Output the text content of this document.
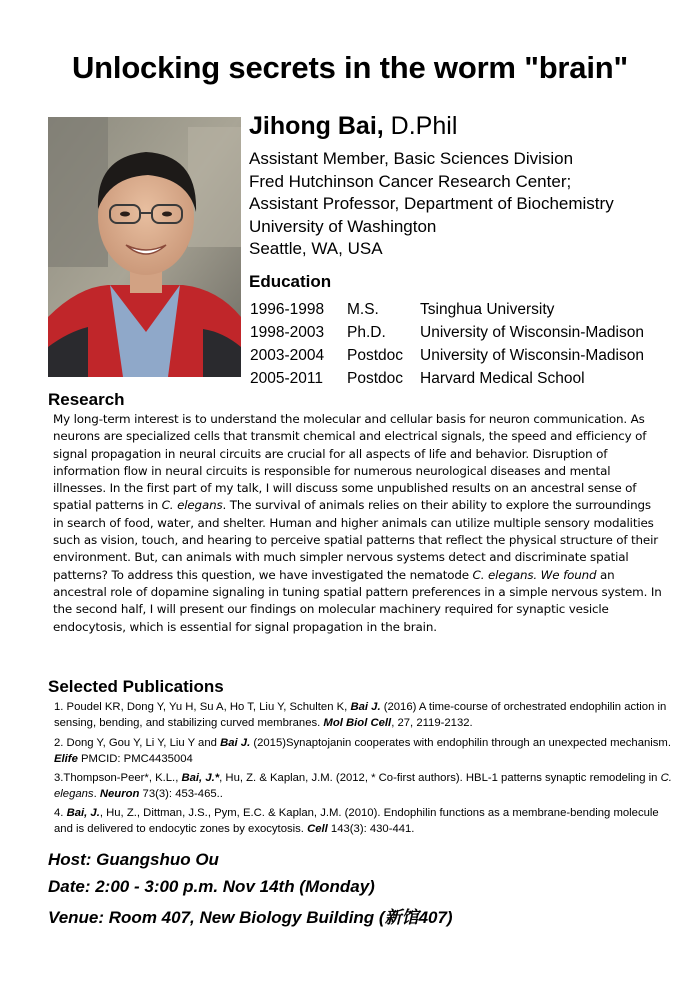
Unlocking secrets in the worm "brain"
Jihong Bai, D.Phil
Assistant Member, Basic Sciences Division
Fred Hutchinson Cancer Research Center;
Assistant Professor, Department of Biochemistry
University of Washington
Seattle, WA, USA
Education
1996-1998	M.S.	Tsinghua University
1998-2003	Ph.D.	University of Wisconsin-Madison
2003-2004	Postdoc	University of Wisconsin-Madison
2005-2011	Postdoc	Harvard Medical School
Research
My long-term interest is to understand the molecular and cellular basis for neuron communication. As neurons are specialized cells that transmit chemical and electrical signals, the speed and efficiency of signal propagation in neural circuits are crucial for all aspects of life and behavior. Disruption of information flow in neural circuits is responsible for numerous neurological diseases and mental illnesses. In the first part of my talk, I will discuss some unpublished results on an ancestral sense of spatial patterns in C. elegans. The survival of animals relies on their ability to explore the surroundings in search of food, water, and shelter. Human and higher animals can utilize multiple sensory modalities such as vision, touch, and hearing to perceive spatial patterns that reflect the physical structure of their environment. But, can animals with much simpler nervous systems detect and discriminate spatial patterns? To address this question, we have investigated the nematode C. elegans. We found an ancestral role of dopamine signaling in tuning spatial pattern preferences in a simple nervous system. In the second half, I will present our findings on molecular machinery required for synaptic vesicle endocytosis, which is essential for signal propagation in the brain.
Selected Publications
1. Poudel KR, Dong Y, Yu H, Su A, Ho T, Liu Y, Schulten K, Bai J. (2016) A time-course of orchestrated endophilin action in sensing, bending, and stabilizing curved membranes. Mol Biol Cell, 27, 2119-2132.
2. Dong Y, Gou Y, Li Y, Liu Y and Bai J. (2015)Synaptojanin cooperates with endophilin through an unexpected mechanism. Elife PMCID: PMC4435004
3.Thompson-Peer*, K.L., Bai, J.*, Hu, Z. & Kaplan, J.M. (2012, * Co-first authors). HBL-1 patterns synaptic remodeling in C. elegans. Neuron 73(3): 453-465..
4. Bai, J., Hu, Z., Dittman, J.S., Pym, E.C. & Kaplan, J.M. (2010). Endophilin functions as a membrane-bending molecule and is delivered to endocytic zones by exocytosis. Cell 143(3): 430-441.
Host: Guangshuo Ou
Date: 2:00 - 3:00 p.m. Nov 14th (Monday)
Venue: Room 407, New Biology Building (新馆407)
